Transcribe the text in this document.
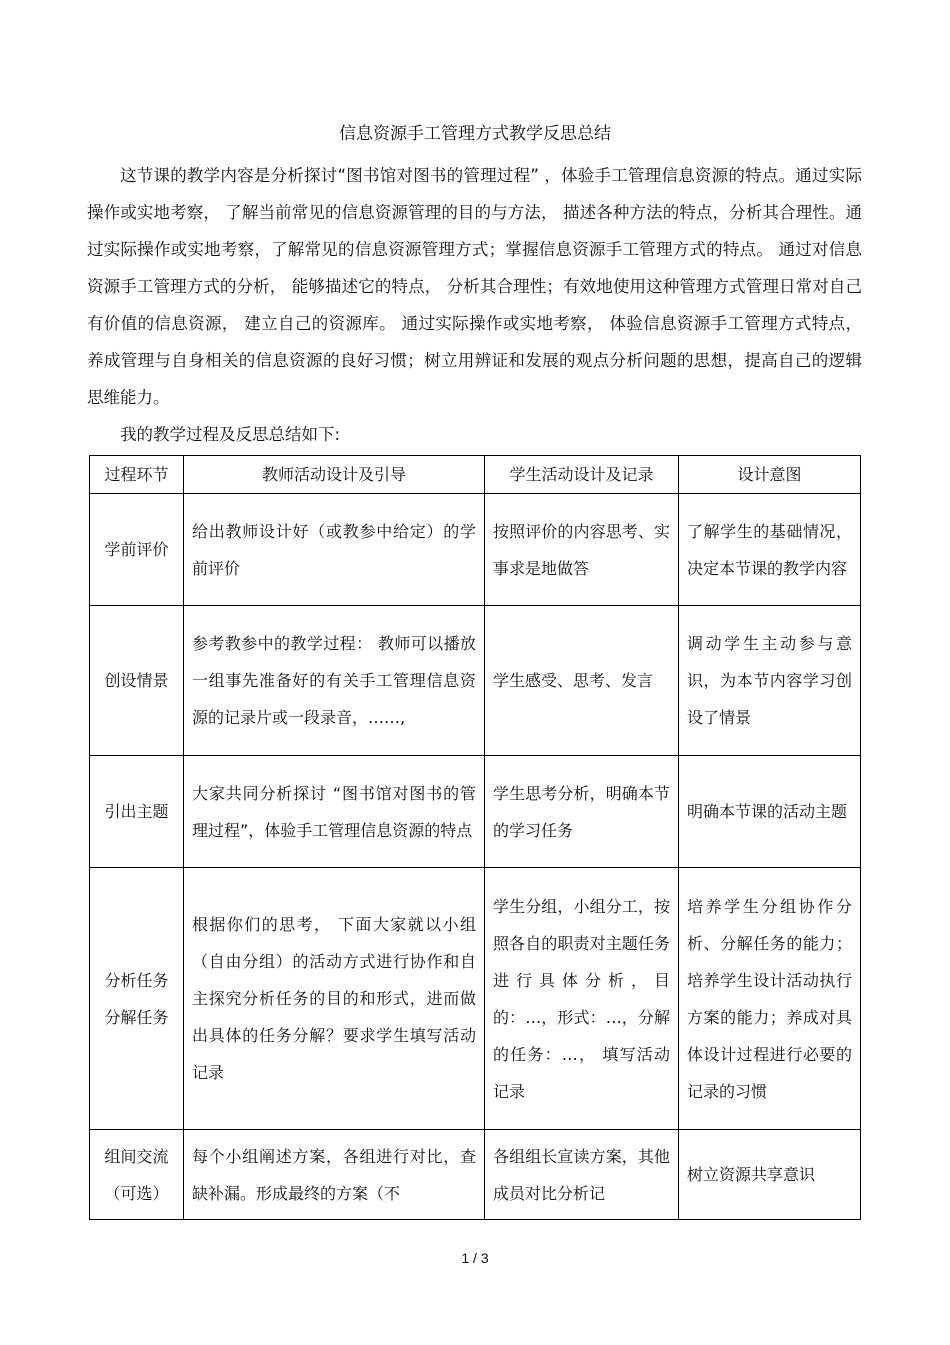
信息资源手工管理方式教学反思总结

这节课的教学内容是分析探讨“图书馆对图书的管理过程” ，体验手工管理信息资源的特点。通过实际操作或实地考察， 了解当前常见的信息资源管理的目的与方法， 描述各种方法的特点，分析其合理性。通过实际操作或实地考察，了解常见的信息资源管理方式；掌握信息资源手工管理方式的特点。 通过对信息资源手工管理方式的分析， 能够描述它的特点， 分析其合理性；有效地使用这种管理方式管理日常对自己有价值的信息资源， 建立自己的资源库。 通过实际操作或实地考察， 体验信息资源手工管理方式特点， 养成管理与自身相关的信息资源的良好习惯；树立用辨证和发展的观点分析问题的思想，提高自己的逻辑思维能力。

我的教学过程及反思总结如下:

过程环节	教师活动设计及引导	学生活动设计及记录	设计意图

学前评价	给出教师设计好（或教参中给定）的学前评价	按照评价的内容思考、实事求是地做答	了解学生的基础情况，决定本节课的教学内容

创设情景	参考教参中的教学过程： 教师可以播放一组事先准备好的有关手工管理信息资源的记录片或一段录音，……,	学生感受、思考、发言	调动学生主动参与意识，为本节内容学习创设了情景

引出主题	大家共同分析探讨 “图书馆对图书的管理过程”，体验手工管理信息资源的特点	学生思考分析，明确本节的学习任务	明确本节课的活动主题

分析任务
分解任务	根据你们的思考， 下面大家就以小组（自由分组）的活动方式进行协作和自主探究分析任务的目的和形式，进而做出具体的任务分解？要求学生填写活动记录	学生分组，小组分工，按照各自的职责对主题任务进行具体分析，目的：…，形式：…，分解的任务：…， 填写活动记录	培养学生分组协作分析、分解任务的能力；培养学生设计活动执行方案的能力；养成对具体设计过程进行必要的记录的习惯

组间交流
（可选）	每个小组阐述方案，各组进行对比，查缺补漏。形成最终的方案（不	各组组长宣读方案，其他成员对比分析记	树立资源共享意识
1 / 3
